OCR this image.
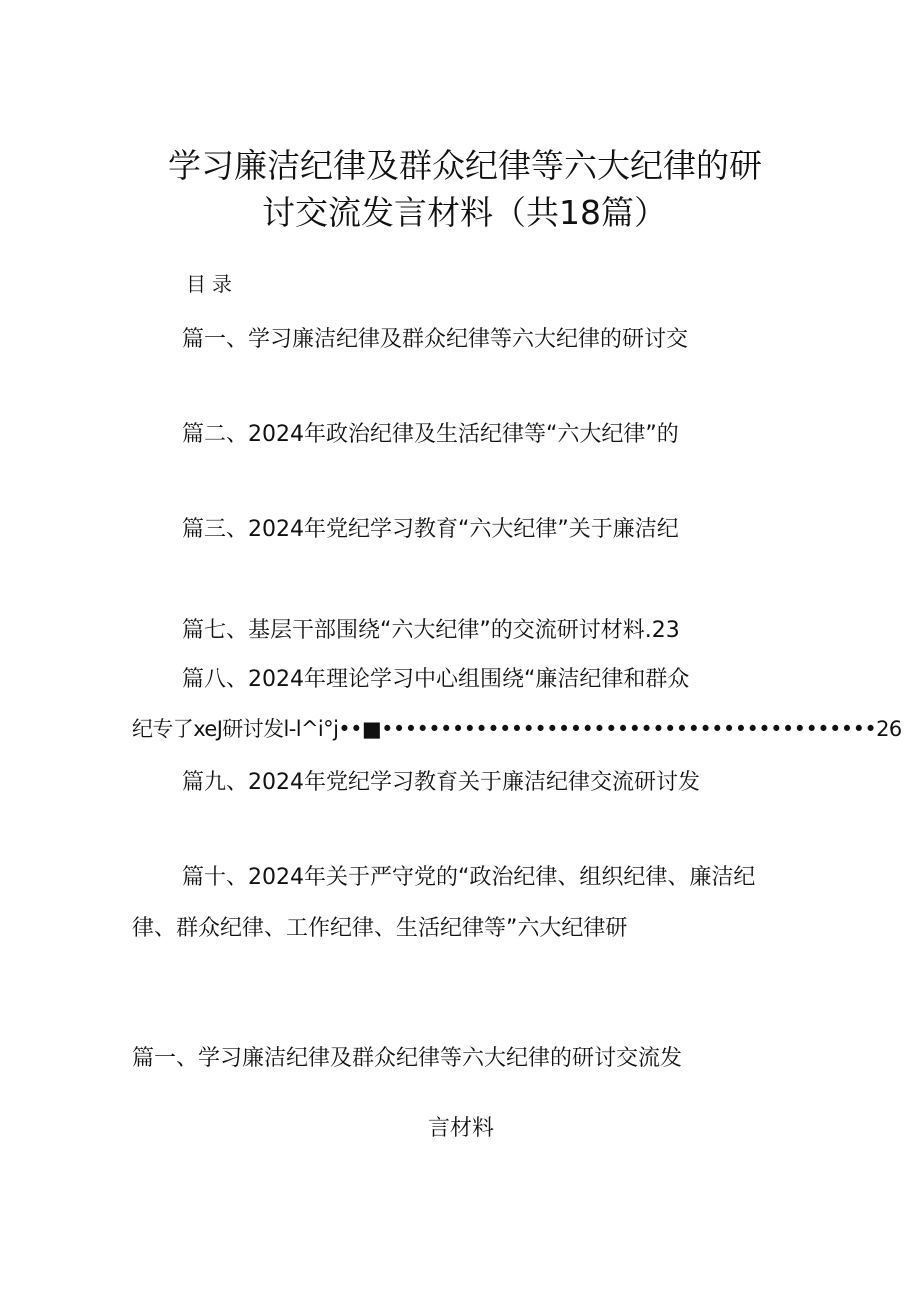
学习廉洁纪律及群众纪律等六大纪律的研
讨交流发言材料（共18篇）
目录
篇一、学习廉洁纪律及群众纪律等六大纪律的研讨交
篇二、2024年政治纪律及生活纪律等“六大纪律”的
篇三、2024年党纪学习教育“六大纪律”关于廉洁纪
篇七、基层干部围绕“六大纪律”的交流研讨材料.23
篇八、2024年理论学习中心组围绕“廉洁纪律和群众
纪专了xeJ研讨发l-l^i°j••■••••••••••••••••••••••••••••••••••••••••••26
篇九、2024年党纪学习教育关于廉洁纪律交流研讨发
篇十、2024年关于严守党的“政治纪律、组织纪律、廉洁纪
律、群众纪律、工作纪律、生活纪律等”六大纪律研
篇一、学习廉洁纪律及群众纪律等六大纪律的研讨交流发
言材料
